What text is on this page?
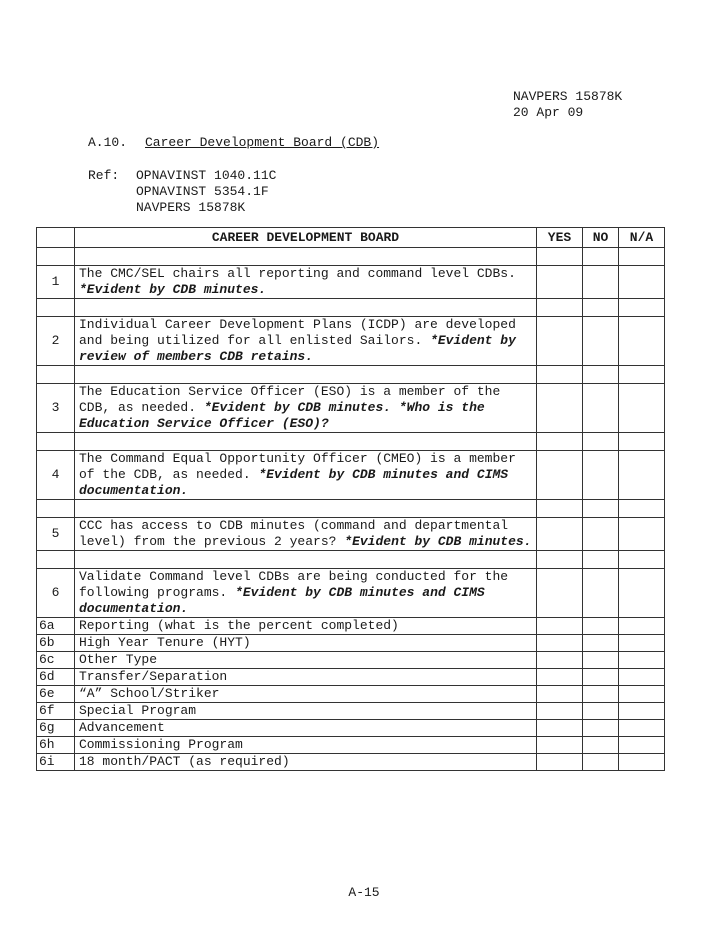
NAVPERS 15878K
20 Apr 09
A.10. Career Development Board (CDB)
Ref: OPNAVINST 1040.11C
OPNAVINST 5354.1F
NAVPERS 15878K
	CAREER DEVELOPMENT BOARD	YES	NO	N/A

1	The CMC/SEL chairs all reporting and command level CDBs. *Evident by CDB minutes.			

2	Individual Career Development Plans (ICDP) are developed and being utilized for all enlisted Sailors. *Evident by review of members CDB retains.			

3	The Education Service Officer (ESO) is a member of the CDB, as needed. *Evident by CDB minutes. *Who is the Education Service Officer (ESO)?			

4	The Command Equal Opportunity Officer (CMEO) is a member of the CDB, as needed. *Evident by CDB minutes and CIMS documentation.			

5	CCC has access to CDB minutes (command and departmental level) from the previous 2 years? *Evident by CDB minutes.			

6	Validate Command level CDBs are being conducted for the following programs. *Evident by CDB minutes and CIMS documentation.			
6a	Reporting (what is the percent completed)			
6b	High Year Tenure (HYT)			
6c	Other Type			
6d	Transfer/Separation			
6e	“A” School/Striker			
6f	Special Program			
6g	Advancement			
6h	Commissioning Program			
6i	18 month/PACT (as required)			
A-15
